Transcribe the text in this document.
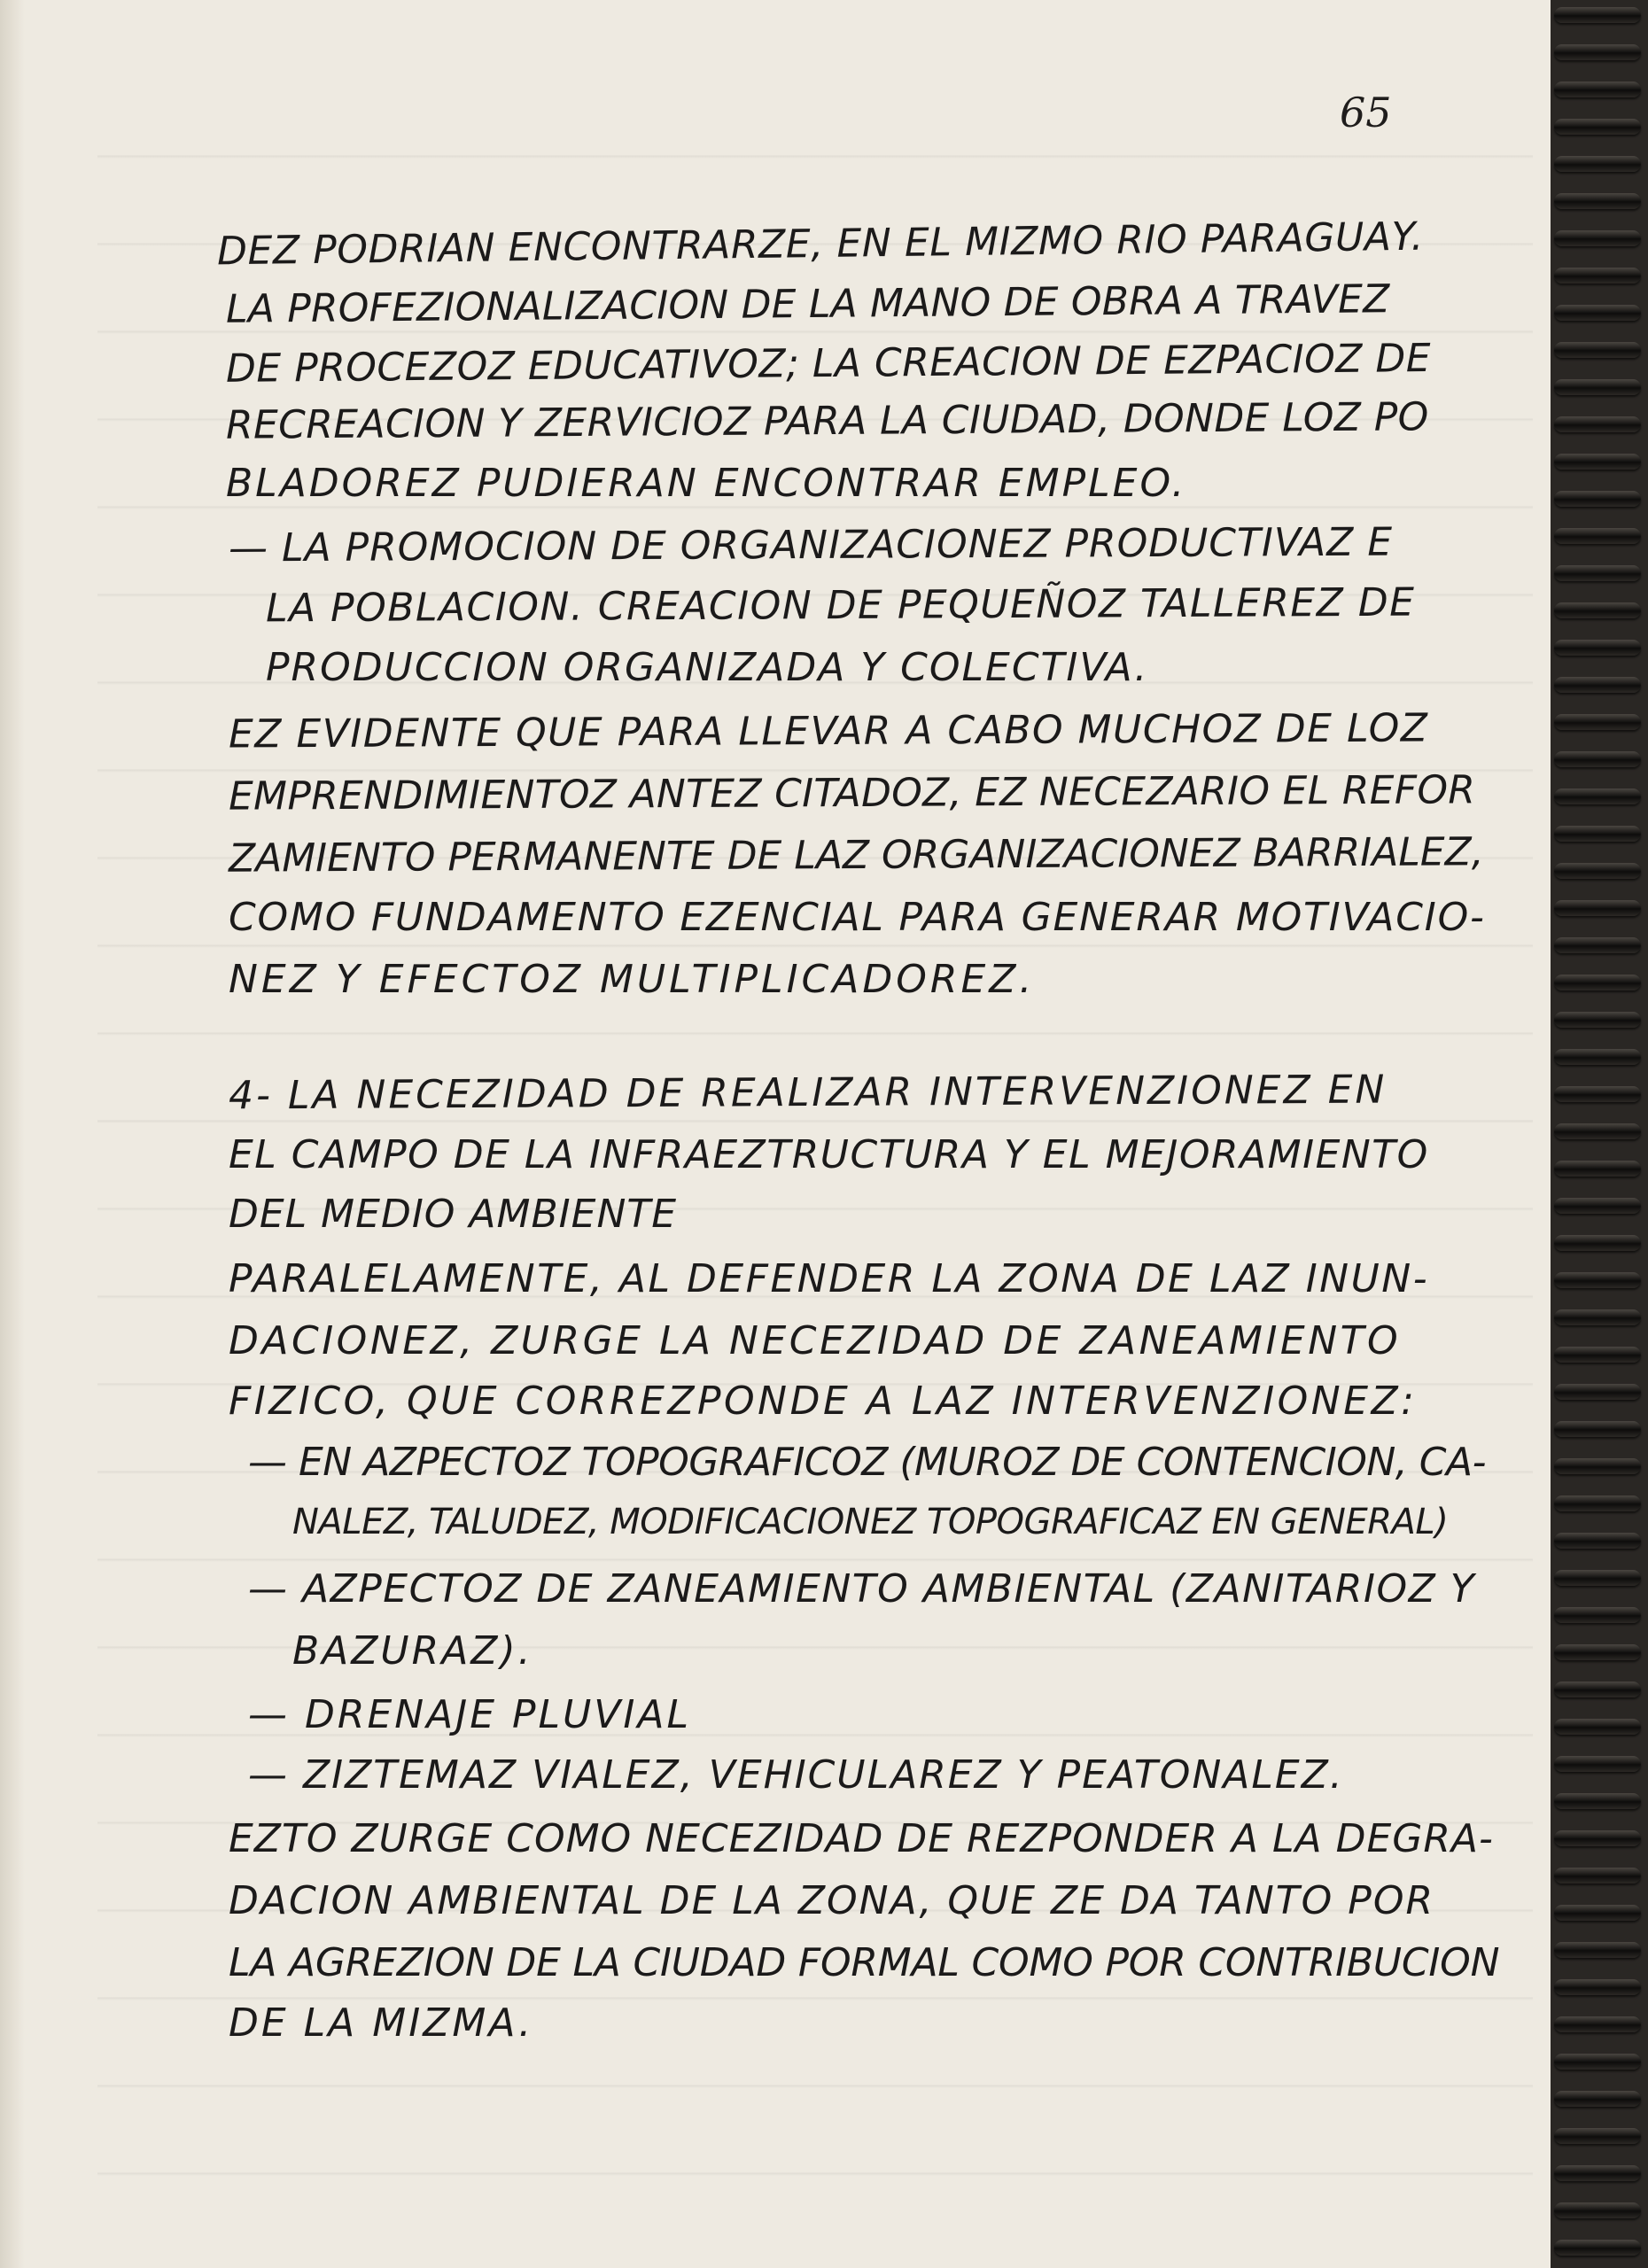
65
DEZ PODRIAN ENCONTRARZE, EN EL MIZMO RIO PARAGUAY.
LA PROFEZIONALIZACION DE LA MANO DE OBRA A TRAVEZ
DE PROCEZOZ EDUCATIVOZ; LA CREACION DE EZPACIOZ DE
RECREACION Y ZERVICIOZ PARA LA CIUDAD, DONDE LOZ PO
BLADOREZ PUDIERAN ENCONTRAR EMPLEO.
— LA PROMOCION DE ORGANIZACIONEZ PRODUCTIVAZ E
LA POBLACION. CREACION DE PEQUEÑOZ TALLEREZ DE
PRODUCCION ORGANIZADA Y COLECTIVA.
EZ EVIDENTE QUE PARA LLEVAR A CABO MUCHOZ DE LOZ
EMPRENDIMIENTOZ ANTEZ CITADOZ, EZ NECEZARIO EL REFOR
ZAMIENTO PERMANENTE DE LAZ ORGANIZACIONEZ BARRIALEZ,
COMO FUNDAMENTO EZENCIAL PARA GENERAR MOTIVACIO-
NEZ Y EFECTOZ MULTIPLICADOREZ.
4- LA NECEZIDAD DE REALIZAR INTERVENZIONEZ EN
EL CAMPO DE LA INFRAEZTRUCTURA Y EL MEJORAMIENTO
DEL MEDIO AMBIENTE
PARALELAMENTE, AL DEFENDER LA ZONA DE LAZ INUN-
DACIONEZ, ZURGE LA NECEZIDAD DE ZANEAMIENTO
FIZICO, QUE CORREZPONDE A LAZ INTERVENZIONEZ:
— EN AZPECTOZ TOPOGRAFICOZ (MUROZ DE CONTENCION, CA-
NALEZ, TALUDEZ, MODIFICACIONEZ TOPOGRAFICAZ EN GENERAL)
— AZPECTOZ DE ZANEAMIENTO AMBIENTAL (ZANITARIOZ Y
BAZURAZ).
— DRENAJE PLUVIAL
— ZIZTEMAZ VIALEZ, VEHICULAREZ Y PEATONALEZ.
EZTO ZURGE COMO NECEZIDAD DE REZPONDER A LA DEGRA-
DACION AMBIENTAL DE LA ZONA, QUE ZE DA TANTO POR
LA AGREZION DE LA CIUDAD FORMAL COMO POR CONTRIBUCION
DE LA MIZMA.
